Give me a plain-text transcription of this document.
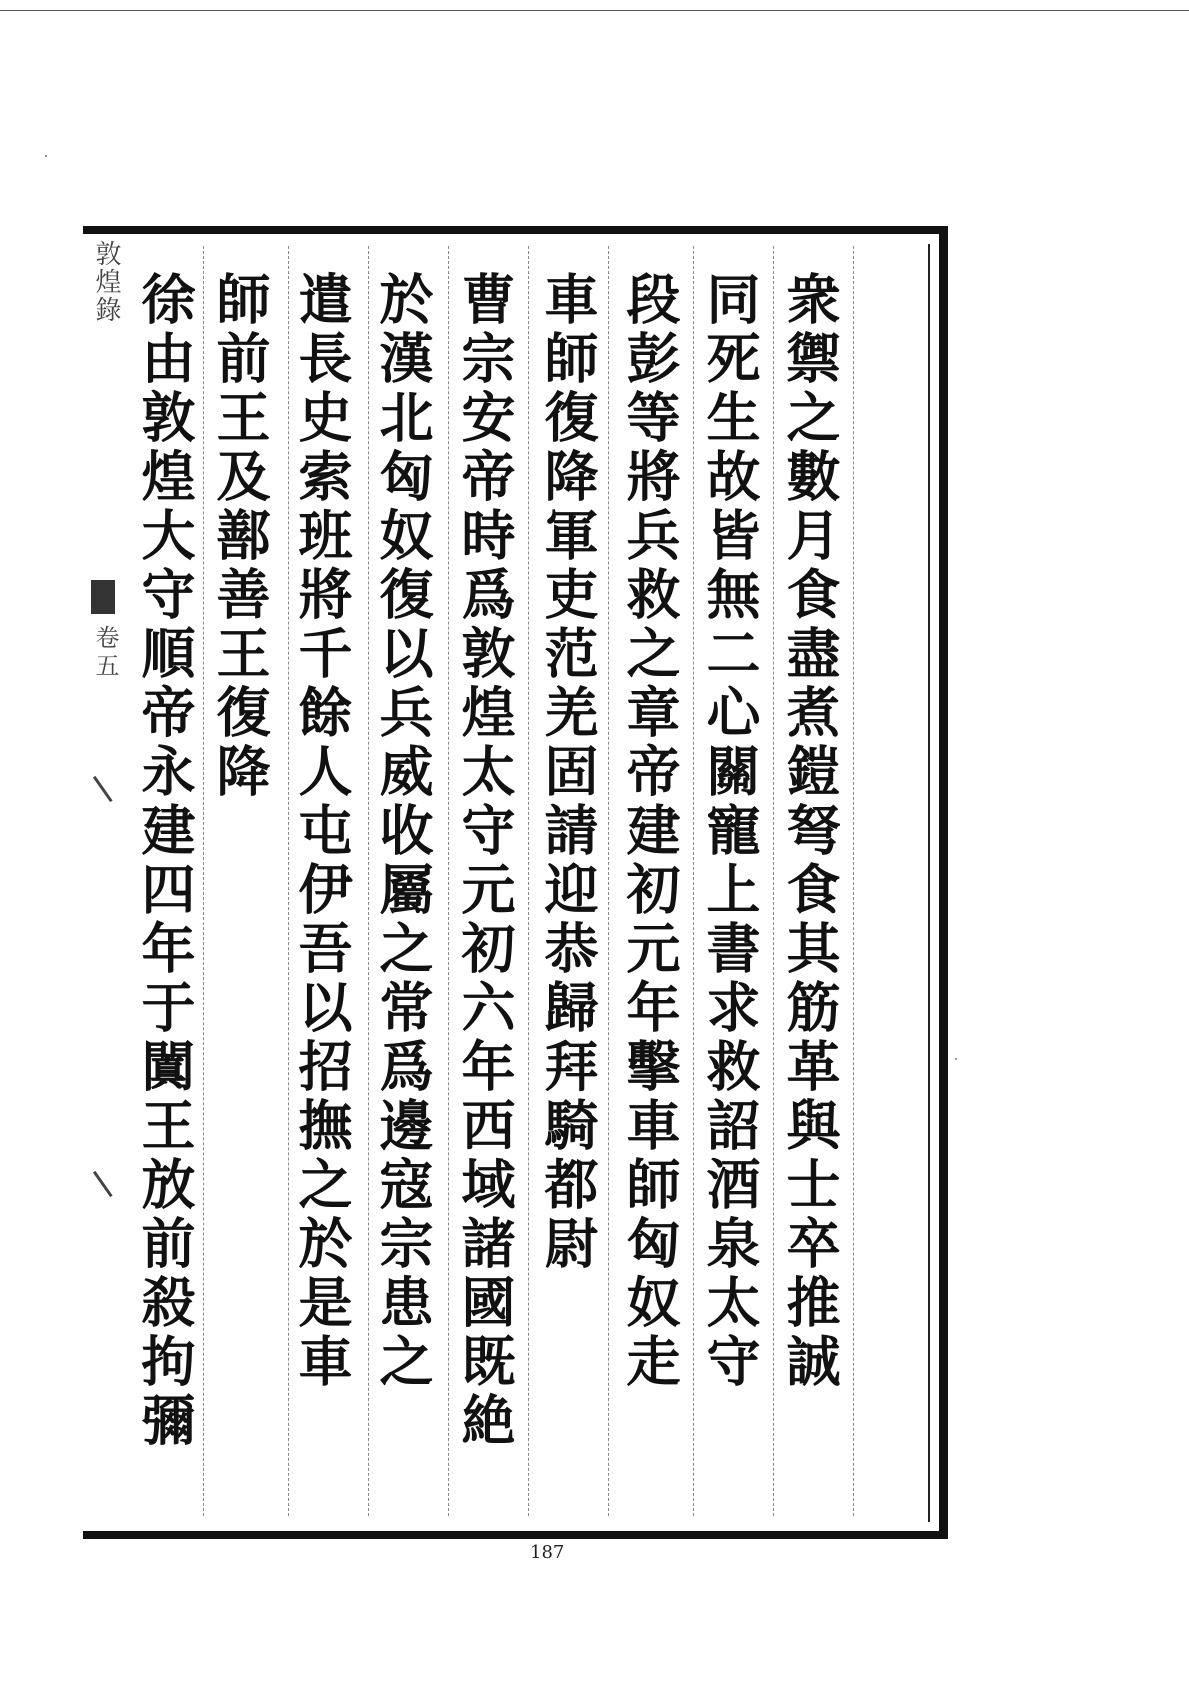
衆禦之數月食盡煮鎧弩食其筋革與士卒推誠
同死生故皆無二心關寵上書求救詔酒泉太守
段彭等將兵救之章帝建初元年擊車師匈奴走
車師復降軍吏范羌固請迎恭歸拜騎都尉
曹宗安帝時爲敦煌太守元初六年西域諸國既絶
於漢北匈奴復以兵威收屬之常爲邊寇宗患之
遣長史索班將千餘人屯伊吾以招撫之於是車
師前王及鄯善王復降
徐由敦煌大守順帝永建四年于闐王放前殺拘彌
敦煌錄
卷五
187
